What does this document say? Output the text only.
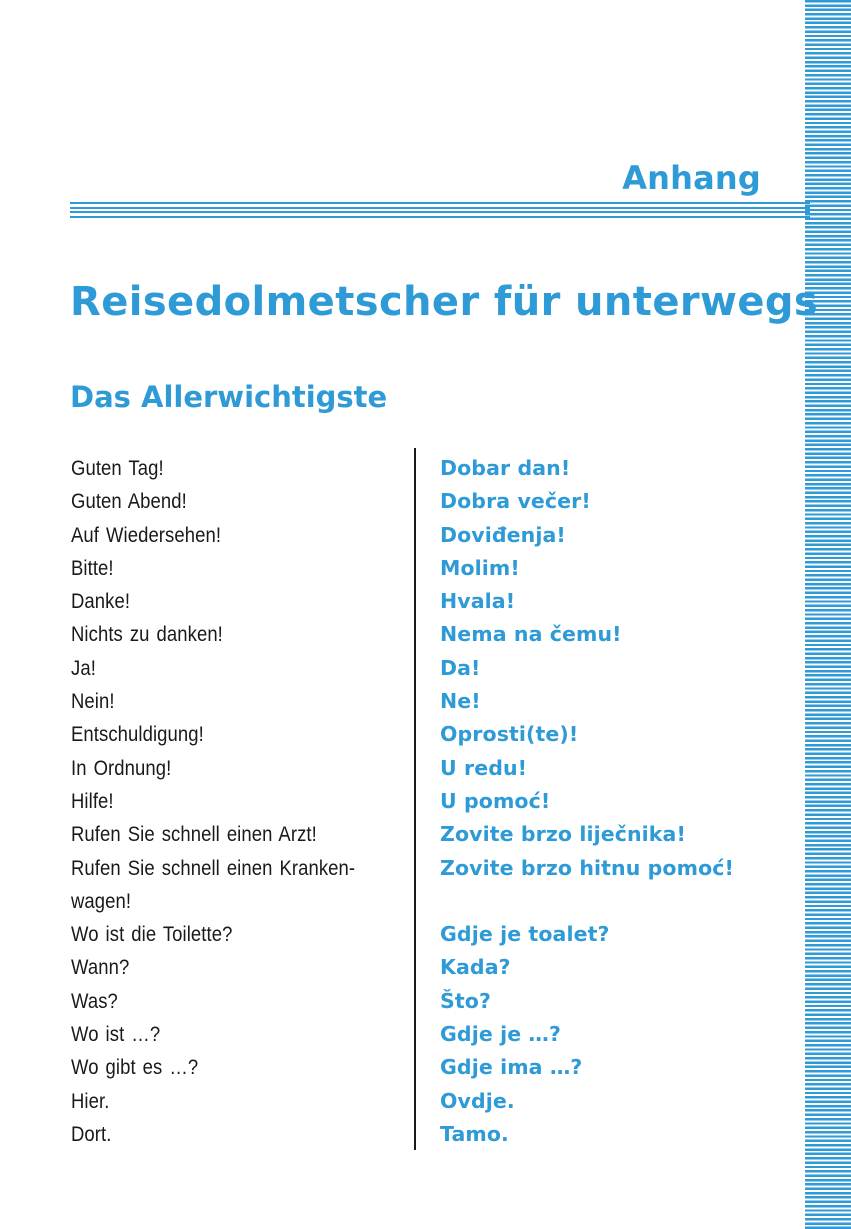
Anhang
Reisedolmetscher für unterwegs
Das Allerwichtigste
Guten Tag!
Guten Abend!
Auf Wiedersehen!
Bitte!
Danke!
Nichts zu danken!
Ja!
Nein!
Entschuldigung!
In Ordnung!
Hilfe!
Rufen Sie schnell einen Arzt!
Rufen Sie schnell einen Kranken-
wagen!
Wo ist die Toilette?
Wann?
Was?
Wo ist …?
Wo gibt es …?
Hier.
Dort.
Dobar dan!
Dobra večer!
Doviđenja!
Molim!
Hvala!
Nema na čemu!
Da!
Ne!
Oprosti(te)!
U redu!
U pomoć!
Zovite brzo liječnika!
Zovite brzo hitnu pomoć!
Gdje je toalet?
Kada?
Što?
Gdje je …?
Gdje ima …?
Ovdje.
Tamo.
